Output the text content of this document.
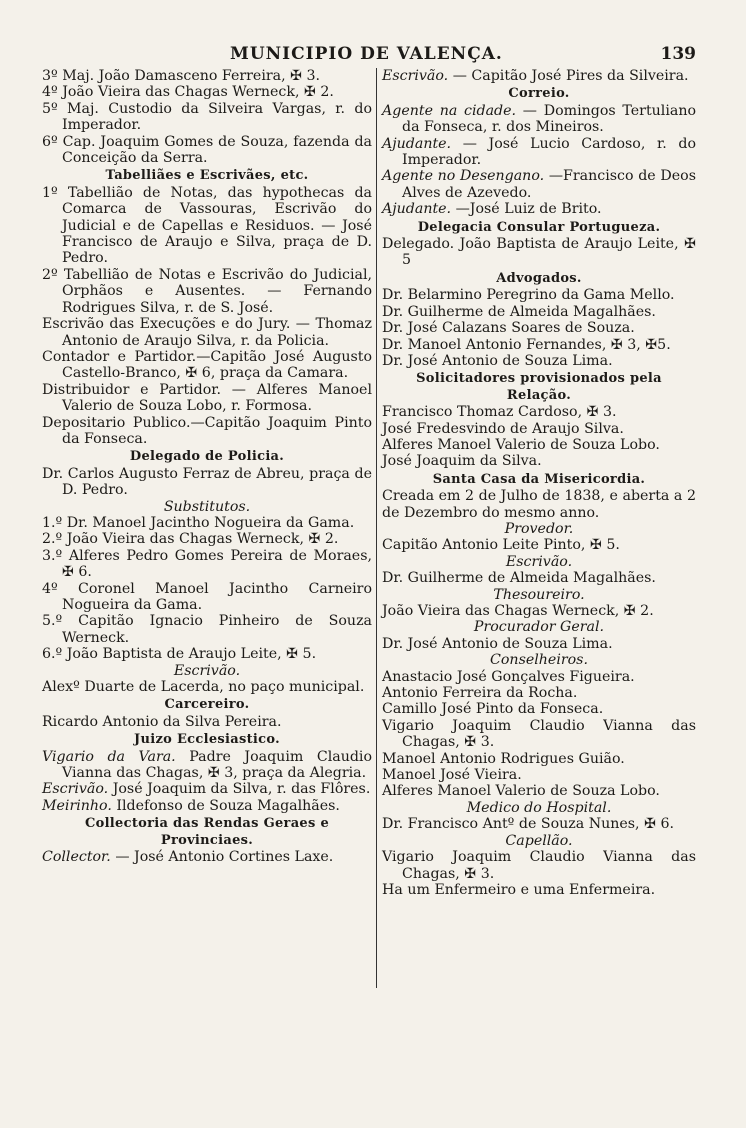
MUNICIPIO DE VALENÇA.	139
3º Maj. João Damasceno Ferreira, ✠ 3.
4º João Vieira das Chagas Werneck, ✠ 2.
5º Maj. Custodio da Silveira Vargas, r. do Imperador.
6º Cap. Joaquim Gomes de Souza, fazenda da Conceição da Serra.
Tabelliães e Escrivães, etc.
1º Tabellião de Notas, das hypothecas da Comarca de Vassouras, Escrivão do Judicial e de Capellas e Residuos. — José Francisco de Araujo e Silva, praça de D. Pedro.
2º Tabellião de Notas e Escrivão do Judicial, Orphãos e Ausentes. — Fernando Rodrigues Silva, r. de S. José.
Escrivão das Execuções e do Jury. — Thomaz Antonio de Araujo Silva, r. da Policia.
Contador e Partidor.—Capitão José Augusto Castello-Branco, ✠ 6, praça da Camara.
Distribuidor e Partidor. — Alferes Manoel Valerio de Souza Lobo, r. Formosa.
Depositario Publico.—Capitão Joaquim Pinto da Fonseca.
Delegado de Policia.
Dr. Carlos Augusto Ferraz de Abreu, praça de D. Pedro.
Substitutos.
1.º Dr. Manoel Jacintho Nogueira da Gama.
2.º João Vieira das Chagas Werneck, ✠ 2.
3.º Alferes Pedro Gomes Pereira de Moraes, ✠ 6.
4º Coronel Manoel Jacintho Carneiro Nogueira da Gama.
5.º Capitão Ignacio Pinheiro de Souza Werneck.
6.º João Baptista de Araujo Leite, ✠ 5.
Escrivão.
Alexº Duarte de Lacerda, no paço municipal.
Carcereiro.
Ricardo Antonio da Silva Pereira.
Juizo Ecclesiastico.
Vigario da Vara. Padre Joaquim Claudio Vianna das Chagas, ✠ 3, praça da Alegria.
Escrivão. José Joaquim da Silva, r. das Flôres.
Meirinho. Ildefonso de Souza Magalhães.
Collectoria das Rendas Geraes e Provinciaes.
Collector. — José Antonio Cortines Laxe.
Escrivão. — Capitão José Pires da Silveira.
Correio.
Agente na cidade. — Domingos Tertuliano da Fonseca, r. dos Mineiros.
Ajudante. — José Lucio Cardoso, r. do Imperador.
Agente no Desengano. —Francisco de Deos Alves de Azevedo.
Ajudante. —José Luiz de Brito.
Delegacia Consular Portugueza.
Delegado. João Baptista de Araujo Leite, ✠ 5
Advogados.
Dr. Belarmino Peregrino da Gama Mello.
Dr. Guilherme de Almeida Magalhães.
Dr. José Calazans Soares de Souza.
Dr. Manoel Antonio Fernandes, ✠ 3, ✠5.
Dr. José Antonio de Souza Lima.
Solicitadores provisionados pela Relação.
Francisco Thomaz Cardoso, ✠ 3.
José Fredesvindo de Araujo Silva.
Alferes Manoel Valerio de Souza Lobo.
José Joaquim da Silva.
Santa Casa da Misericordia.
Creada em 2 de Julho de 1838, e aberta a 2 de Dezembro do mesmo anno.
Provedor.
Capitão Antonio Leite Pinto, ✠ 5.
Escrivão.
Dr. Guilherme de Almeida Magalhães.
Thesoureiro.
João Vieira das Chagas Werneck, ✠ 2.
Procurador Geral.
Dr. José Antonio de Souza Lima.
Conselheiros.
Anastacio José Gonçalves Figueira.
Antonio Ferreira da Rocha.
Camillo José Pinto da Fonseca.
Vigario Joaquim Claudio Vianna das Chagas, ✠ 3.
Manoel Antonio Rodrigues Guião.
Manoel José Vieira.
Alferes Manoel Valerio de Souza Lobo.
Medico do Hospital.
Dr. Francisco Antº de Souza Nunes, ✠ 6.
Capellão.
Vigario Joaquim Claudio Vianna das Chagas, ✠ 3.
Ha um Enfermeiro e uma Enfermeira.
